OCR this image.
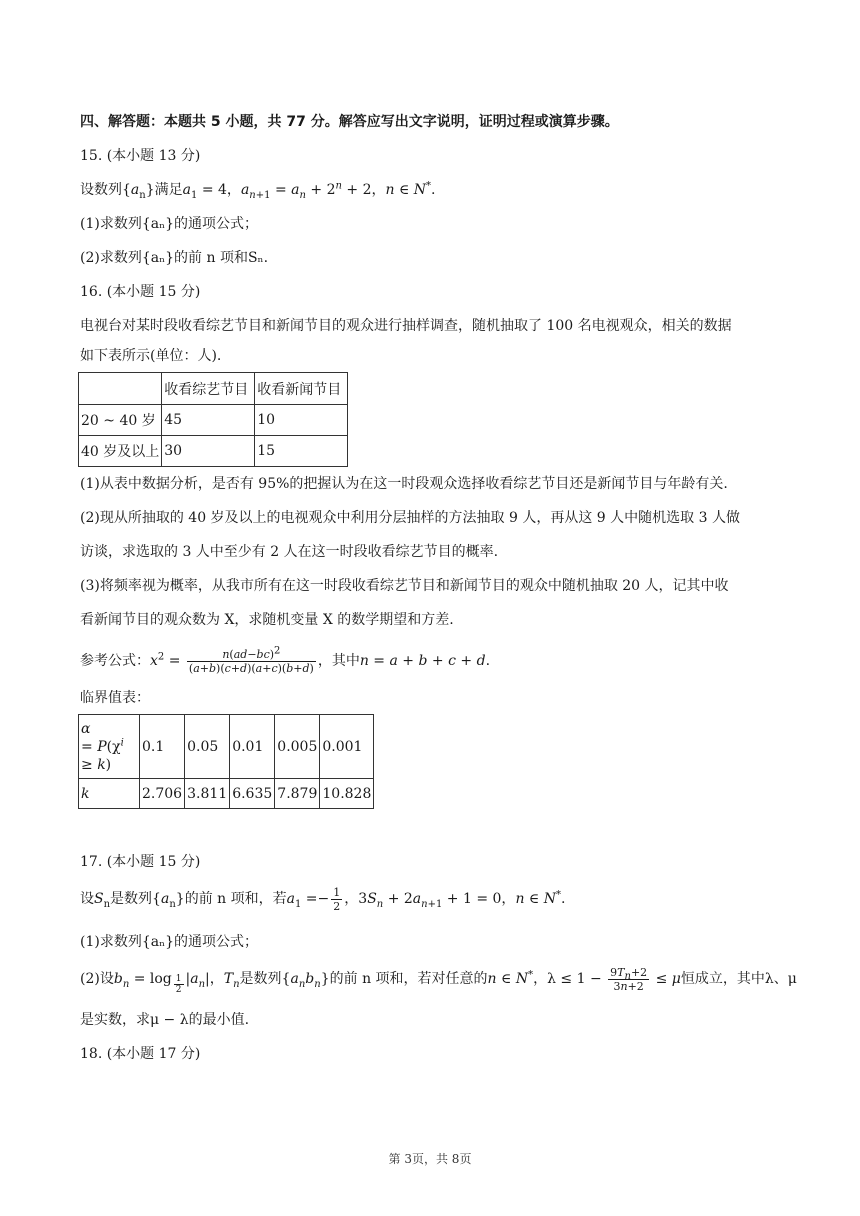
四、解答题：本题共 5 小题，共 77 分。解答应写出文字说明，证明过程或演算步骤。
15. (本小题 13 分)
设数列$\{a_n\}$满足$a_1 = 4$，$a_{n+1} = a_n + 2^n + 2$，n ∈ N*.
(1)求数列{aₙ}的通项公式；
(2)求数列{aₙ}的前 n 项和Sₙ.
16. (本小题 15 分)
电视台对某时段收看综艺节目和新闻节目的观众进行抽样调查，随机抽取了 100 名电视观众，相关的数据
如下表所示(单位：人).
	收看综艺节目	收看新闻节目
20 ~ 40 岁	45	10
40 岁及以上	30	15
(1)从表中数据分析，是否有 95%的把握认为在这一时段观众选择收看综艺节目还是新闻节目与年龄有关.
(2)现从所抽取的 40 岁及以上的电视观众中利用分层抽样的方法抽取 9 人，再从这 9 人中随机选取 3 人做
访谈，求选取的 3 人中至少有 2 人在这一时段收看综艺节目的概率.
(3)将频率视为概率，从我市所有在这一时段收看综艺节目和新闻节目的观众中随机抽取 20 人，记其中收
看新闻节目的观众数为 X，求随机变量 X 的数学期望和方差.
参考公式：$x^2 = \frac{n(ad-bc)^2}{(a+b)(c+d)(a+c)(b+d)}$ ，其中n = a + b + c + d.
临界值表：
α
= $P(\chi^i$
≥ k)	0.1	0.05	0.01	0.005	0.001
k	2.706	3.811	6.635	7.879	10.828
17. (本小题 15 分)
设$S_n$是数列$\{a_n\}$的前 n 项和，若$a_1 =- \frac{1}{2}$ ，$3S_n + 2a_{n+1} + 1 = 0$，n ∈ N*.
(1)求数列{aₙ}的通项公式；
(2)设$b_n = \log _{\frac{1}{2}}$ $|a_n|$，$T_n$是数列$\{a_nb_n\}$的前 n 项和，若对任意的n ∈ N*，$\lambda \le 1 - \frac{9T_n+2}{3n+2} \le \mu$恒成立，其中λ、μ
是实数，求μ − λ的最小值.
18. (本小题 17 分)
第 3页，共 8页
